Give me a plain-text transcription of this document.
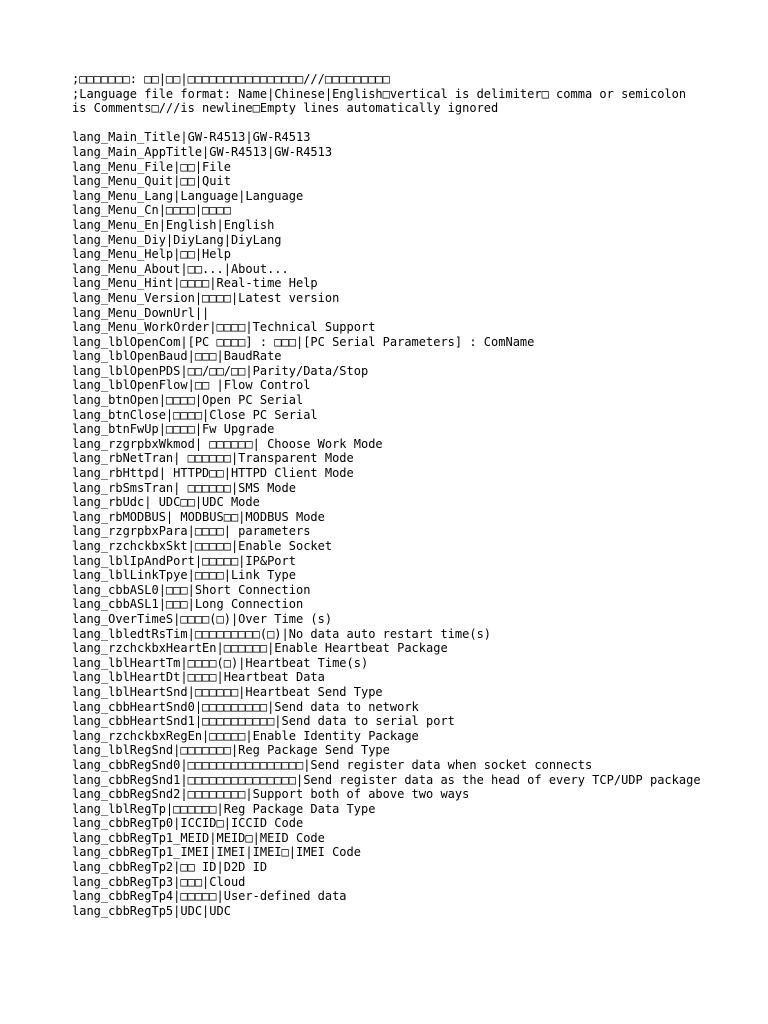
;□□□□□□□: □□|□□|□□□□□□□□□□□□□□□□///□□□□□□□□□
;Language file format: Name|Chinese|English□vertical is delimiter□ comma or semicolon is Comments□///is newline□Empty lines automatically ignored
lang_Main_Title|GW-R4513|GW-R4513
lang_Main_AppTitle|GW-R4513|GW-R4513
lang_Menu_File|□□|File
lang_Menu_Quit|□□|Quit
lang_Menu_Lang|Language|Language
lang_Menu_Cn|□□□□|□□□□
lang_Menu_En|English|English
lang_Menu_Diy|DiyLang|DiyLang
lang_Menu_Help|□□|Help
lang_Menu_About|□□...|About...
lang_Menu_Hint|□□□□|Real-time Help
lang_Menu_Version|□□□□|Latest version
lang_Menu_DownUrl||
lang_Menu_WorkOrder|□□□□|Technical Support
lang_lblOpenCom|[PC □□□□] : □□□|[PC Serial Parameters] : ComName
lang_lblOpenBaud|□□□|BaudRate
lang_lblOpenPDS|□□/□□/□□|Parity/Data/Stop
lang_lblOpenFlow|□□ |Flow Control
lang_btnOpen|□□□□|Open PC Serial
lang_btnClose|□□□□|Close PC Serial
lang_btnFwUp|□□□□|Fw Upgrade
lang_rzgrpbxWkmod| □□□□□□| Choose Work Mode
lang_rbNetTran| □□□□□□|Transparent Mode
lang_rbHttpd| HTTPD□□|HTTPD Client Mode
lang_rbSmsTran| □□□□□□|SMS Mode
lang_rbUdc| UDC□□|UDC Mode
lang_rbMODBUS| MODBUS□□|MODBUS Mode
lang_rzgrpbxPara|□□□□| parameters
lang_rzchckbxSkt|□□□□□|Enable Socket
lang_lblIpAndPort|□□□□□|IP&Port
lang_lblLinkTpye|□□□□|Link Type
lang_cbbASL0|□□□|Short Connection
lang_cbbASL1|□□□|Long Connection
lang_OverTimeS|□□□□(□)|Over Time (s)
lang_lbledtRsTim|□□□□□□□□□(□)|No data auto restart time(s)
lang_rzchckbxHeartEn|□□□□□□|Enable Heartbeat Package
lang_lblHeartTm|□□□□(□)|Heartbeat Time(s)
lang_lblHeartDt|□□□□|Heartbeat Data
lang_lblHeartSnd|□□□□□□|Heartbeat Send Type
lang_cbbHeartSnd0|□□□□□□□□□|Send data to network
lang_cbbHeartSnd1|□□□□□□□□□□|Send data to serial port
lang_rzchckbxRegEn|□□□□□|Enable Identity Package
lang_lblRegSnd|□□□□□□□|Reg Package Send Type
lang_cbbRegSnd0|□□□□□□□□□□□□□□□□|Send register data when socket connects
lang_cbbRegSnd1|□□□□□□□□□□□□□□□|Send register data as the head of every TCP/UDP package
lang_cbbRegSnd2|□□□□□□□□|Support both of above two ways
lang_lblRegTp|□□□□□□|Reg Package Data Type
lang_cbbRegTp0|ICCID□|ICCID Code
lang_cbbRegTp1_MEID|MEID□|MEID Code
lang_cbbRegTp1_IMEI|IMEI|IMEI□|IMEI Code
lang_cbbRegTp2|□□ ID|D2D ID
lang_cbbRegTp3|□□□|Cloud
lang_cbbRegTp4|□□□□□|User-defined data
lang_cbbRegTp5|UDC|UDC
